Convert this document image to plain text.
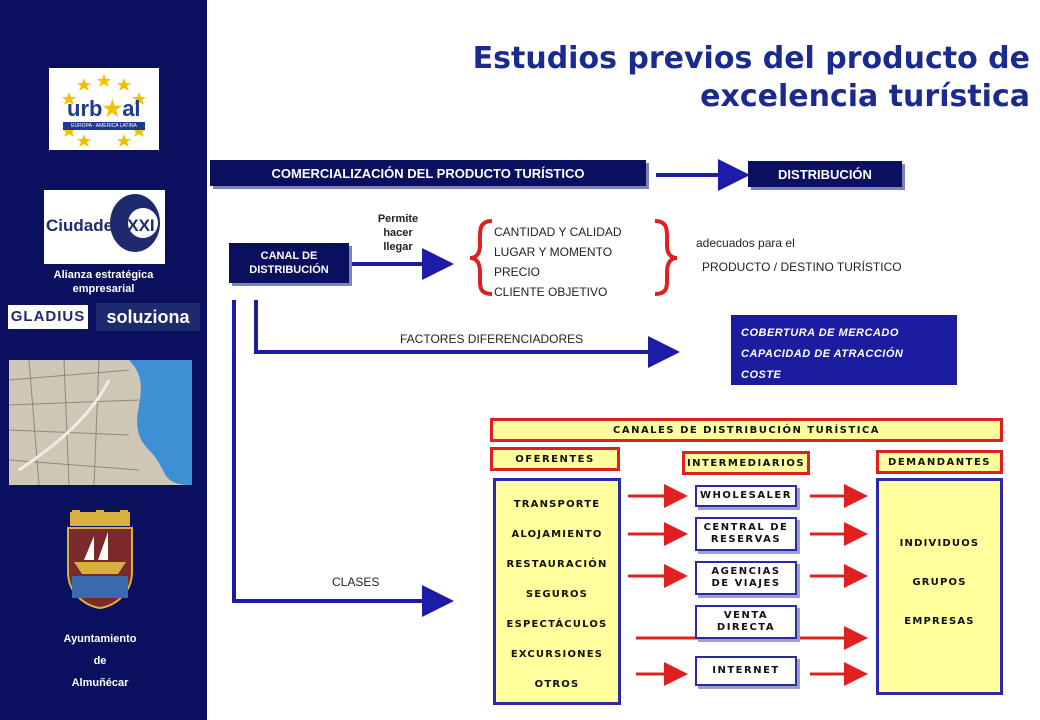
urb★al
EUROPA - AMERICA LATINA
Ciudades XXI
Alianza estratégica
empresarial
GLADIUS	soluziona
Ayuntamiento
de
Almuñécar
Estudios previos del producto de
excelencia turística
COMERCIALIZACIÓN DEL PRODUCTO TURÍSTICO	DISTRIBUCIÓN
CANAL DE DISTRIBUCIÓN
Permite
hacer
llegar
CANTIDAD Y CALIDAD
LUGAR Y MOMENTO
PRECIO
CLIENTE OBJETIVO
adecuados para el
PRODUCTO / DESTINO TURÍSTICO
FACTORES DIFERENCIADORES	COBERTURA DE MERCADO
CAPACIDAD DE ATRACCIÓN
COSTE
CLASES
CANALES DE DISTRIBUCIÓN TURÍSTICA
OFERENTES	INTERMEDIARIOS	DEMANDANTES
TRANSPORTE
ALOJAMIENTO
RESTAURACIÓN
SEGUROS
ESPECTÁCULOS
EXCURSIONES
OTROS
WHOLESALER
CENTRAL DE RESERVAS
AGENCIAS DE VIAJES
VENTA DIRECTA
INTERNET
INDIVIDUOS
GRUPOS
EMPRESAS
